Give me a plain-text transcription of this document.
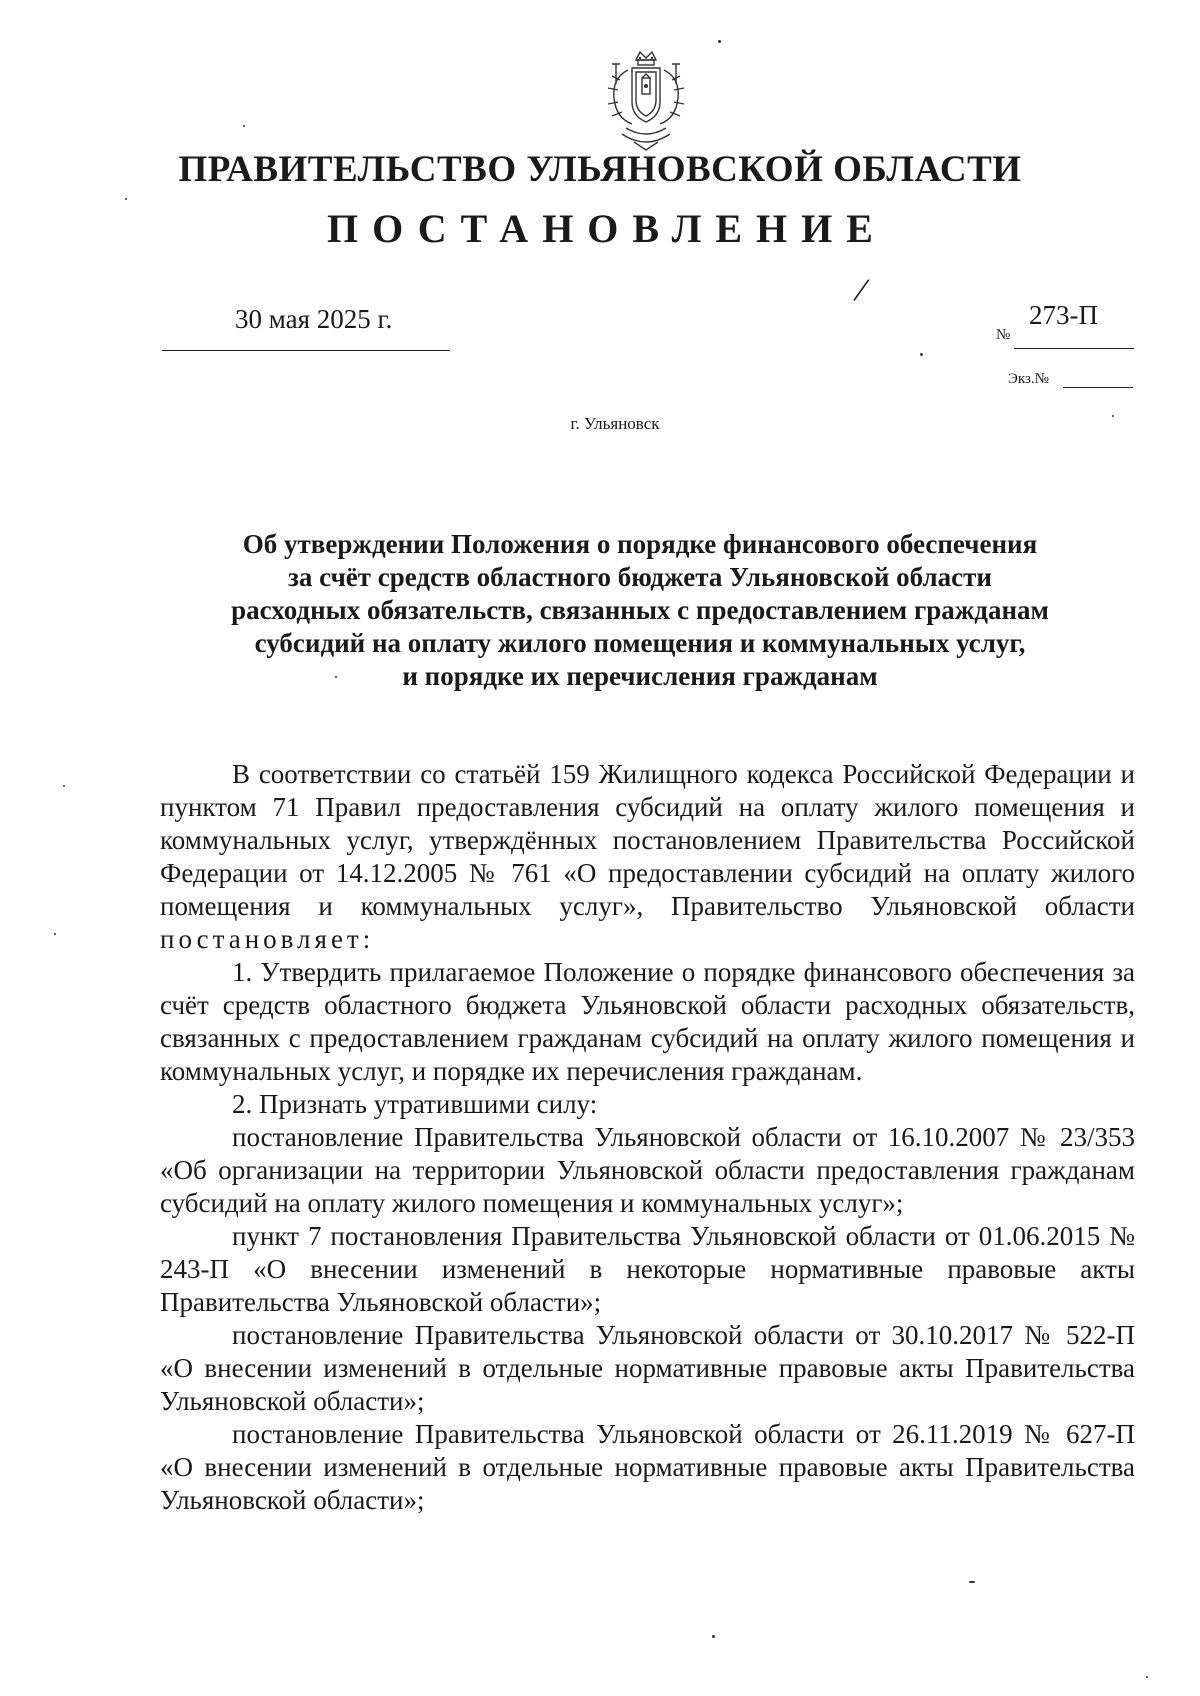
ПРАВИТЕЛЬСТВО УЛЬЯНОВСКОЙ ОБЛАСТИ
ПОСТАНОВЛЕНИЕ
30 мая 2025 г.
/
№
273-П
Экз.№
г. Ульяновск
Об утверждении Положения о порядке финансового обеспечения
за счёт средств областного бюджета Ульяновской области
расходных обязательств, связанных с предоставлением гражданам
субсидий на оплату жилого помещения и коммунальных услуг,
и порядке их перечисления гражданам

В соответствии со статьёй 159 Жилищного кодекса Российской Федерации и пунктом 71 Правил предоставления субсидий на оплату жилого помещения и коммунальных услуг, утверждённых постановлением Правительства Российской Федерации от 14.12.2005 № 761 «О предоставлении субсидий на оплату жилого помещения и коммунальных услуг», Правительство Ульяновской области постановляет:

1. Утвердить прилагаемое Положение о порядке финансового обеспечения за счёт средств областного бюджета Ульяновской области расходных обязательств, связанных с предоставлением гражданам субсидий на оплату жилого помещения и коммунальных услуг, и порядке их перечисления гражданам.

2. Признать утратившими силу:

постановление Правительства Ульяновской области от 16.10.2007 № 23/353 «Об организации на территории Ульяновской области предоставления гражданам субсидий на оплату жилого помещения и коммунальных услуг»;

пункт 7 постановления Правительства Ульяновской области от 01.06.2015 № 243-П «О внесении изменений в некоторые нормативные правовые акты Правительства Ульяновской области»;

постановление Правительства Ульяновской области от 30.10.2017 № 522-П «О внесении изменений в отдельные нормативные правовые акты Правительства Ульяновской области»;

постановление Правительства Ульяновской области от 26.11.2019 № 627-П «О внесении изменений в отдельные нормативные правовые акты Правительства Ульяновской области»;
